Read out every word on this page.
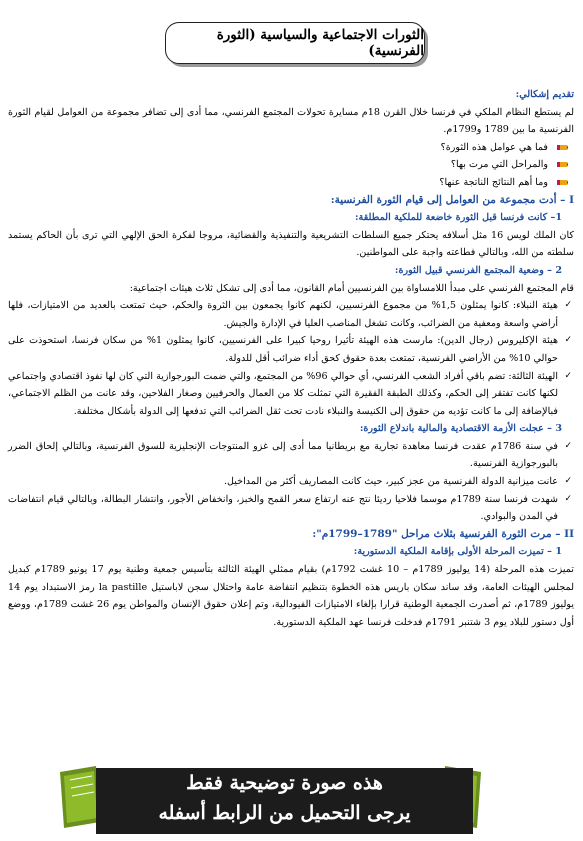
الثورات الاجتماعية والسياسية (الثورة الفرنسية)

تقديم إشكالي:

لم يستطع النظام الملكي في فرنسا خلال القرن 18م مسايرة تحولات المجتمع الفرنسي، مما أدى إلى تضافر مجموعة من العوامل لقيام الثورة الفرنسية ما بين 1789 و1799م.

فما هي عوامل هذه الثورة؟

والمراحل التي مرت بها؟

وما أهم النتائج الناتجة عنها؟

I – أدت مجموعة من العوامل إلى قيام الثورة الفرنسية:

1– كانت فرنسا قبل الثورة خاضعة للملكية المطلقة:

كان الملك لويس 16 مثل أسلافه يحتكر جميع السلطات التشريعية والتنفيذية والقضائية، مروجا لفكرة الحق الإلهي التي ترى بأن الحاكم يستمد سلطته من الله، وبالتالي فطاعته واجبة على المواطنين.

2 – وضعية المجتمع الفرنسي قبيل الثورة:

قام المجتمع الفرنسي على مبدأ اللامساواة بين الفرنسيين أمام القانون، مما أدى إلى تشكل ثلاث هيئات اجتماعية:

✓ هيئة النبلاء: كانوا يمثلون 1,5% من مجموع الفرنسيين، لكنهم كانوا يجمعون بين الثروة والحكم، حيث تمتعت بالعديد من الامتيازات، فلها أراضي واسعة ومعفية من الضرائب، وكانت تشغل المناصب العليا في الإدارة والجيش.

✓ هيئة الإكليروس (رجال الدين): مارست هذه الهيئة تأثيرا روحيا كبيرا على الفرنسيين، كانوا يمثلون 1% من سكان فرنسا، استحوذت على حوالي 10% من الأراضي الفرنسية، تمتعت بعدة حقوق كحق أداء ضرائب أقل للدولة.

✓ الهيئة الثالثة: تضم باقي أفراد الشعب الفرنسي، أي حوالي 96% من المجتمع، والتي ضمت البورجوازية التي كان لها نفوذ اقتصادي واجتماعي لكنها كانت تفتقر إلى الحكم، وكذلك الطبقة الفقيرة التي تمثلت كلا من العمال والحرفيين وصغار الفلاحين، وقد عانت من الظلم الاجتماعي، فبالإضافة إلى ما كانت تؤديه من حقوق إلى الكنيسة والنبلاء نادت تحت ثقل الضرائب التي تدفعها إلى الدولة بأشكال مختلفة.

3 – عجلت الأزمة الاقتصادية والمالية باندلاع الثورة:

✓ في سنة 1786م عقدت فرنسا معاهدة تجارية مع بريطانيا مما أدى إلى غزو المنتوجات الإنجليزية للسوق الفرنسية، وبالتالي إلحاق الضرر بالبورجوازية الفرنسية.

✓ عانت ميزانية الدولة الفرنسية من عجز كبير، حيث كانت المصاريف أكثر من المداخيل.

✓ شهدت فرنسا سنة 1789م موسما فلاحيا رديئا نتج عنه ارتفاع سعر القمح والخبز، وانخفاض الأجور، وانتشار البطالة، وبالتالي قيام انتفاضات في المدن والبوادي.

II – مرت الثورة الفرنسية بثلاث مراحل "1789–1799م":

1 – تميزت المرحلة الأولى بإقامة الملكية الدستورية:

تميزت هذه المرحلة (14 يوليوز 1789م – 10 غشت 1792م) بقيام ممثلي الهيئة الثالثة بتأسيس جمعية وطنية يوم 17 يونيو 1789م كبديل لمجلس الهيئات العامة، وقد ساند سكان باريس هذه الخطوة بتنظيم انتفاضة عامة واحتلال سجن لاباستيل la pastille رمز الاستبداد يوم 14 يوليوز 1789م، ثم أصدرت الجمعية الوطنية قرارا بإلغاء الامتيازات الفيودالية، وتم إعلان حقوق الإنسان والمواطن يوم 26 غشت 1789م، ووضع أول دستور للبلاد يوم 3 شتنبر 1791م فدخلت فرنسا عهد الملكية الدستورية.

هذه صورة توضيحية فقط
يرجى التحميل من الرابط أسفله
